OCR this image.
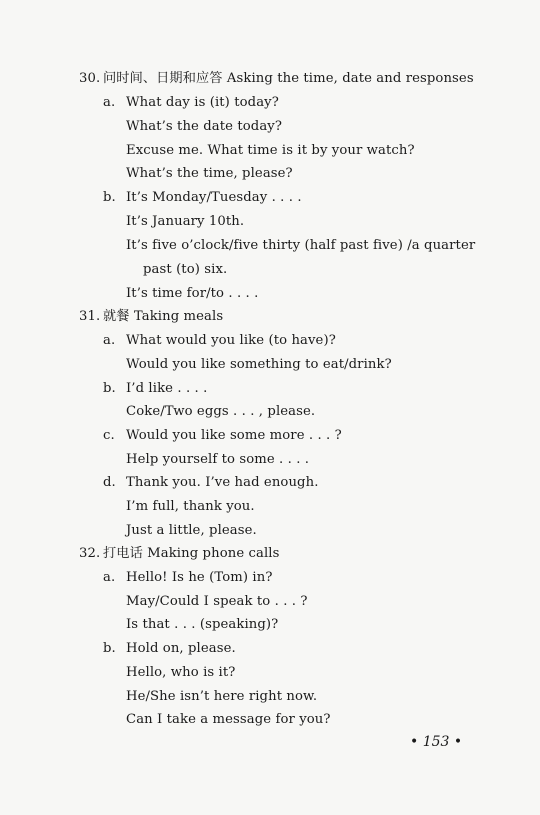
30. 问时间、日期和应答 Asking the time, date and responses
a. What day is (it) today?
What’s the date today?
Excuse me. What time is it by your watch?
What’s the time, please?
b. It’s Monday/Tuesday . . . .
It’s January 10th.
It’s five o’clock/five thirty (half past five) /a quarter
past (to) six.
It’s time for/to . . . .
31. 就餐 Taking meals
a. What would you like (to have)?
Would you like something to eat/drink?
b. I’d like . . . .
Coke/Two eggs . . . , please.
c. Would you like some more . . . ?
Help yourself to some . . . .
d. Thank you. I’ve had enough.
I’m full, thank you.
Just a little, please.
32. 打电话 Making phone calls
a. Hello! Is he (Tom) in?
May/Could I speak to . . . ?
Is that . . . (speaking)?
b. Hold on, please.
Hello, who is it?
He/She isn’t here right now.
Can I take a message for you?
• 153 •
